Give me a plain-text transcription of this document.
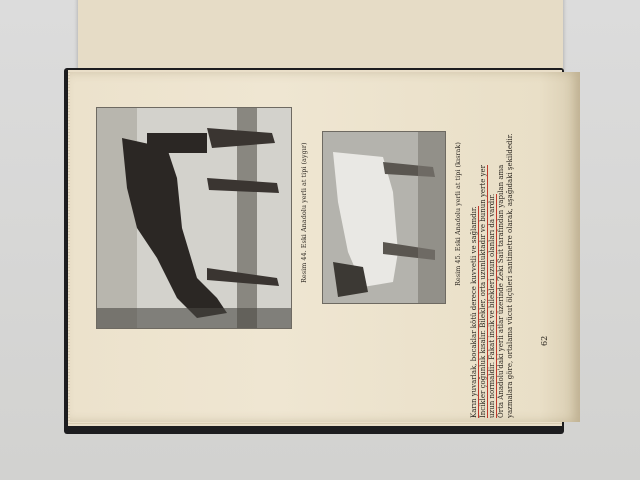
Resim 44. Eski Anadolu yerli at tipi (aygır)	Resim 45. Eski Anadolu yerli at tipi (kısrak) Karın yuvarlak, bocaklar kötü derece kuvvetli ve sağlamdır. Incikler çoğunluk kısalır. Bilekler, orta uzunluktadır ve bunun yerte yer uzun normaldir. Fakat incik ve bilekleri uzun olanları da vardır. Orta Anadolu'daki yerli atlar üzerinde Zeki Sait tarafından yapılan ama yazmalara göre, ortalama vücut ölçüleri santimetre olarak, aşağıdaki şekildedir.	62
